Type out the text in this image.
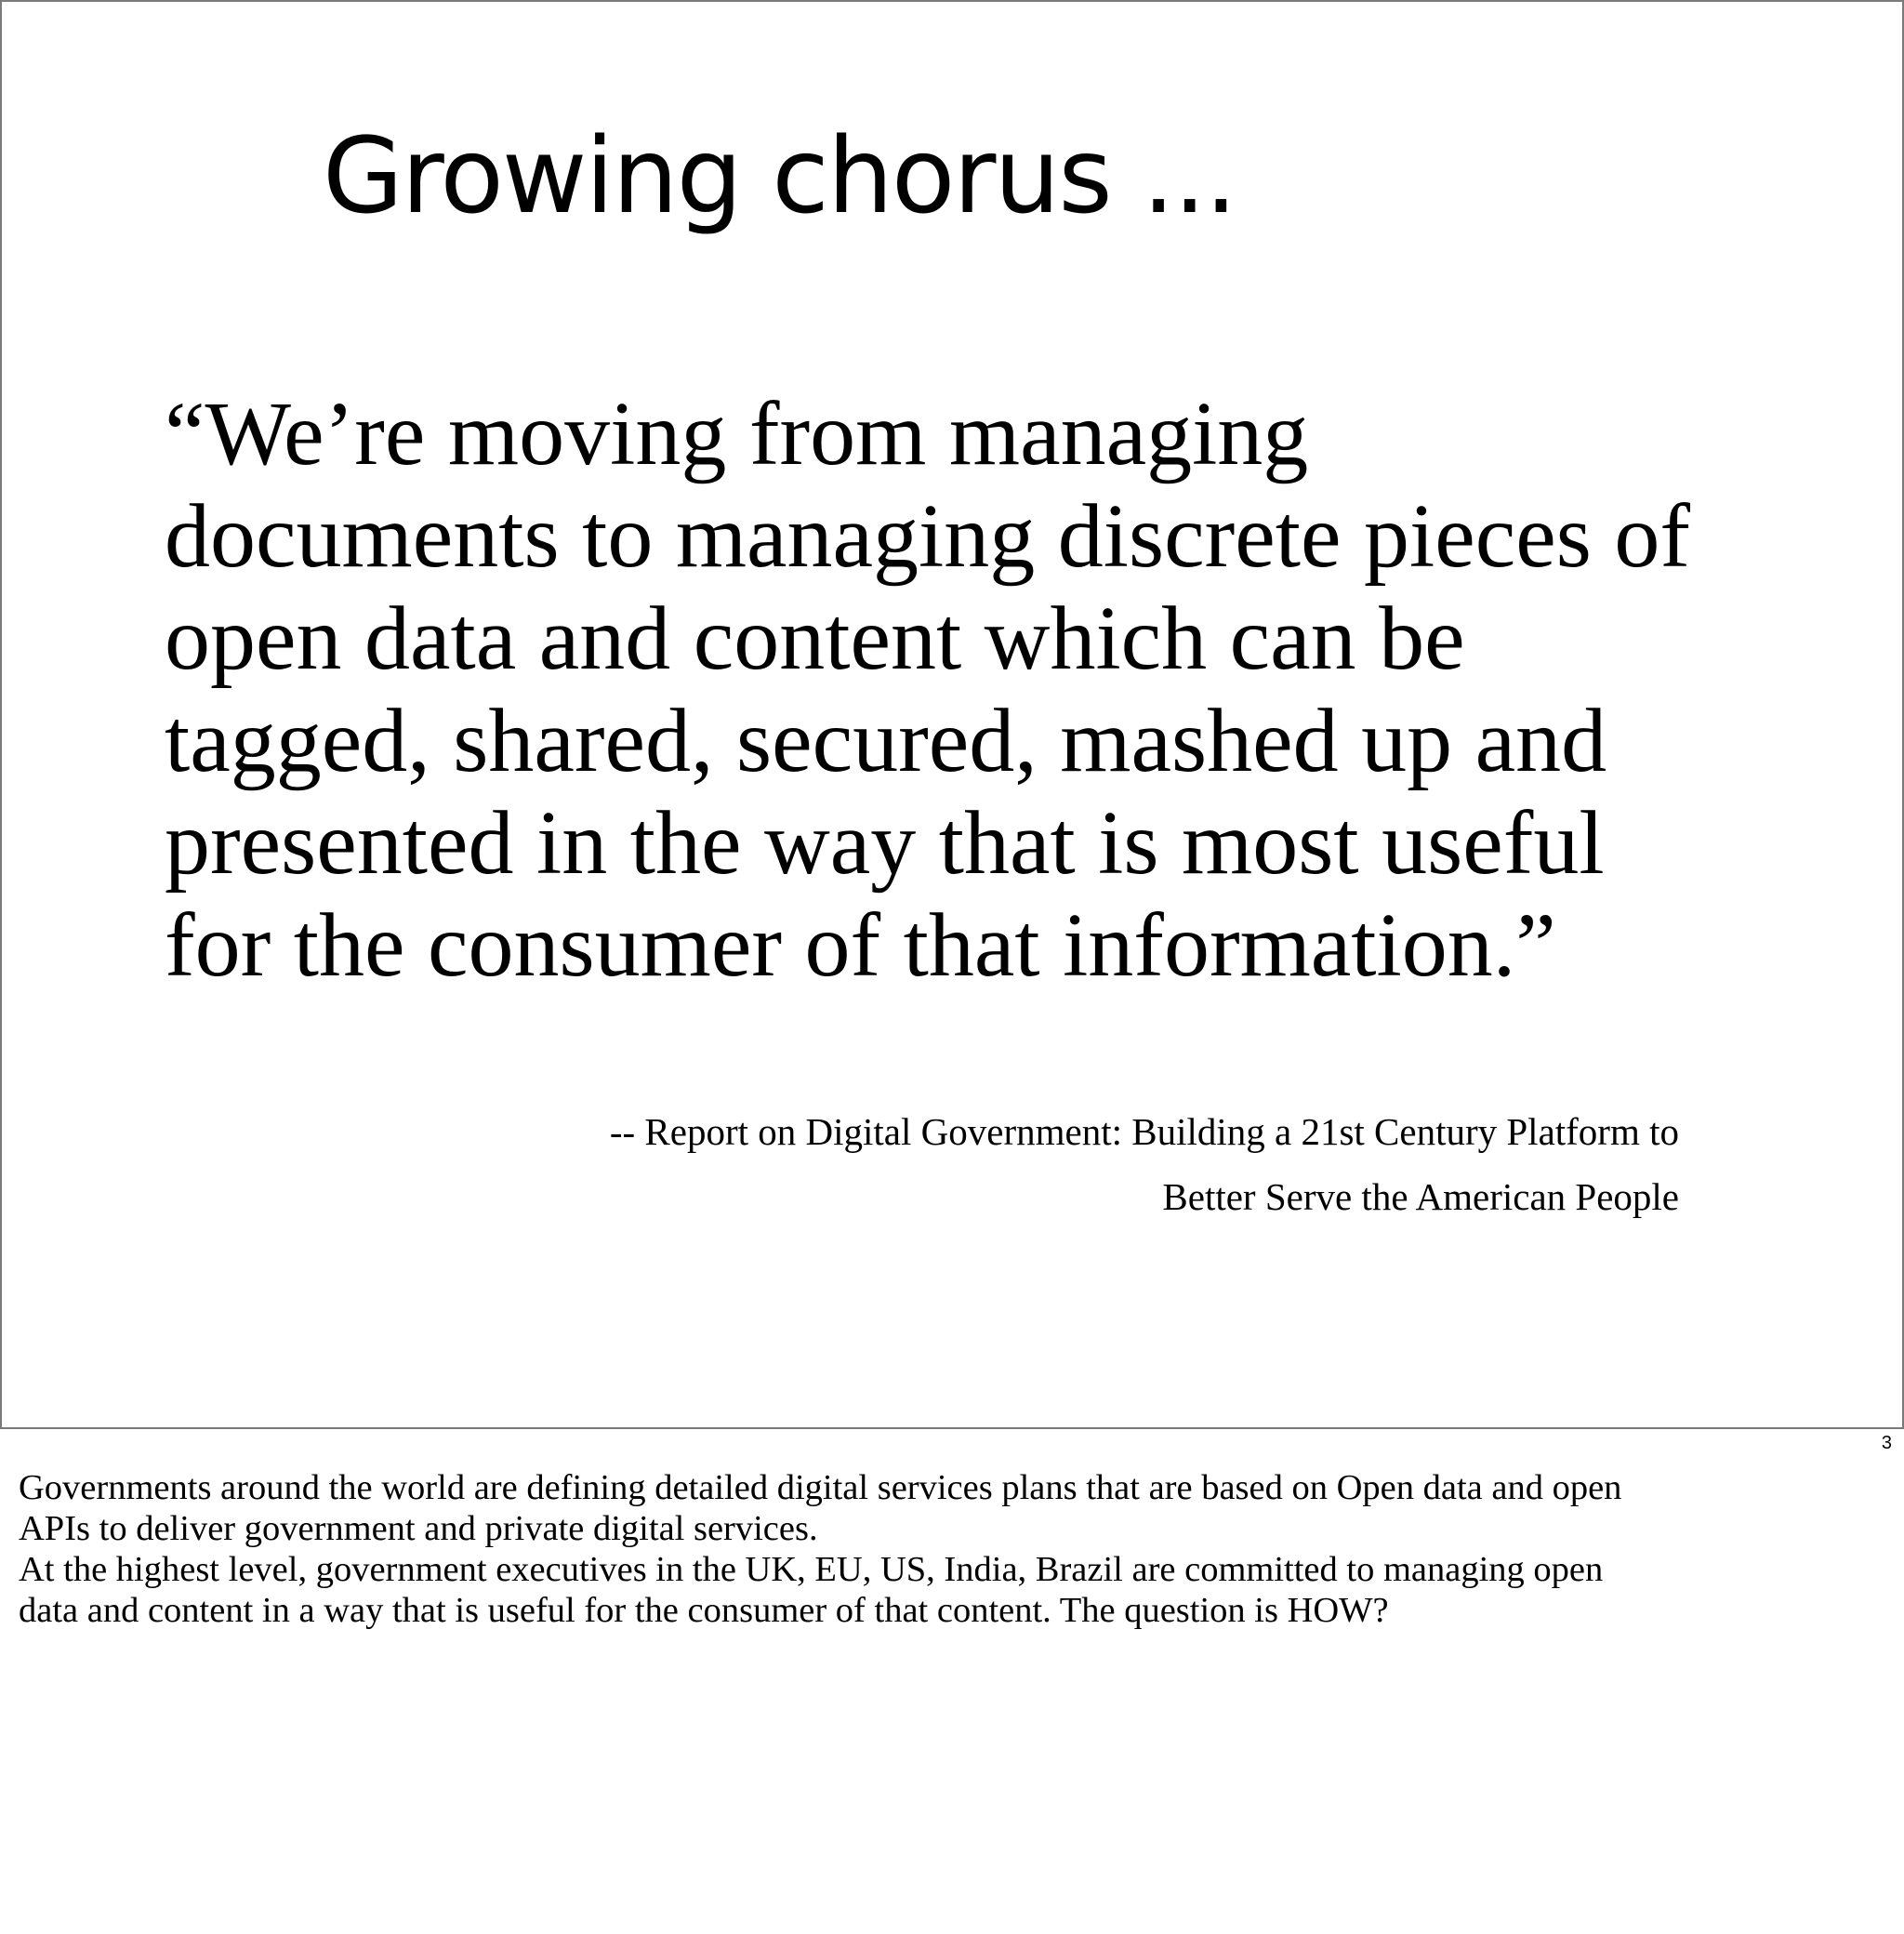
Growing chorus ...
“We’re moving from managing
documents to managing discrete pieces of
open data and content which can be
tagged, shared, secured, mashed up and
presented in the way that is most useful
for the consumer of that information.”
-- Report on Digital Government: Building a 21st Century Platform to
Better Serve the American People
3
Governments around the world are defining detailed digital services plans that are based on Open data and open
APIs to deliver government and private digital services.
At the highest level, government executives in the UK, EU, US, India, Brazil are committed to managing open
data and content in a way that is useful for the consumer of that content. The question is HOW?
